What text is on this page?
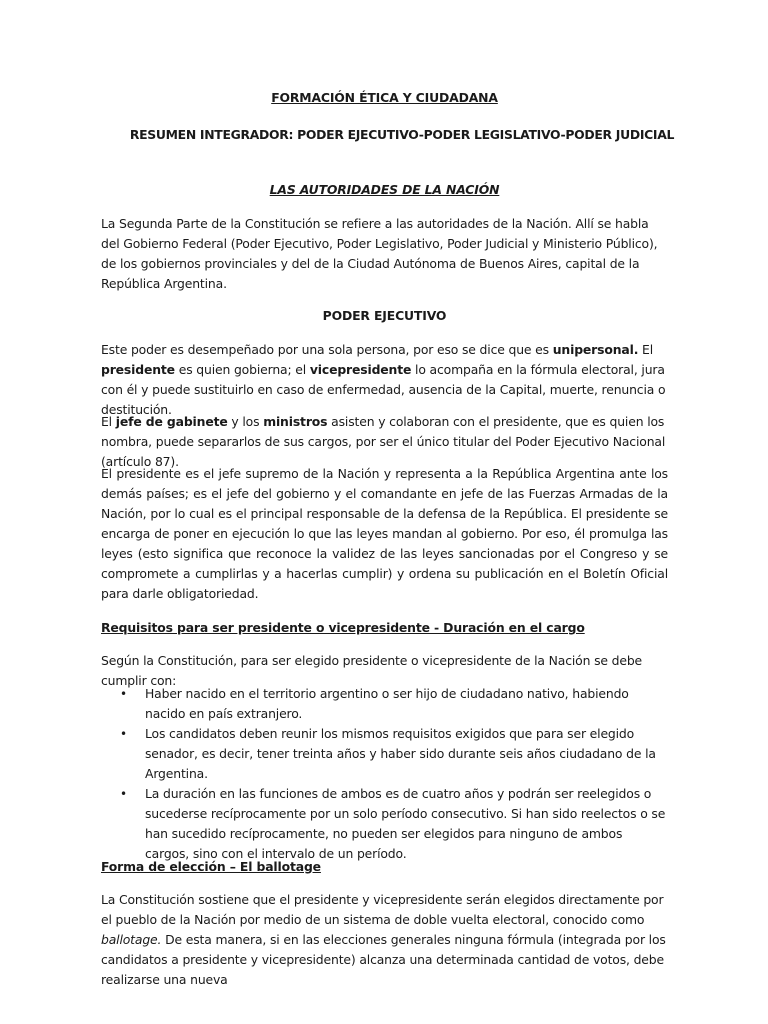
FORMACIÓN ÉTICA Y CIUDADANA

RESUMEN INTEGRADOR: PODER EJECUTIVO-PODER LEGISLATIVO-PODER JUDICIAL

LAS AUTORIDADES DE LA NACIÓN

La Segunda Parte de la Constitución se refiere a las autoridades de la Nación. Allí se habla del Gobierno Federal (Poder Ejecutivo, Poder Legislativo, Poder Judicial y Ministerio Público), de los gobiernos provinciales y del de la Ciudad Autónoma de Buenos Aires, capital de la República Argentina.

PODER EJECUTIVO

Este poder es desempeñado por una sola persona, por eso se dice que es unipersonal. El presidente es quien gobierna; el vicepresidente lo acompaña en la fórmula electoral, jura con él y puede sustituirlo en caso de enfermedad, ausencia de la Capital, muerte, renuncia o destitución.

El jefe de gabinete y los ministros asisten y colaboran con el presidente, que es quien los nombra, puede separarlos de sus cargos, por ser el único titular del Poder Ejecutivo Nacional (artículo 87).

El presidente es el jefe supremo de la Nación y representa a la República Argentina ante los demás países; es el jefe del gobierno y el comandante en jefe de las Fuerzas Armadas de la Nación, por lo cual es el principal responsable de la defensa de la República. El presidente se encarga de poner en ejecución lo que las leyes mandan al gobierno. Por eso, él promulga las leyes (esto significa que reconoce la validez de las leyes sancionadas por el Congreso y se compromete a cumplirlas y a hacerlas cumplir) y ordena su publicación en el Boletín Oficial para darle obligatoriedad.

Requisitos para ser presidente o vicepresidente - Duración en el cargo

Según la Constitución, para ser elegido presidente o vicepresidente de la Nación se debe cumplir con:

• Haber nacido en el territorio argentino o ser hijo de ciudadano nativo, habiendo nacido en país extranjero.
• Los candidatos deben reunir los mismos requisitos exigidos que para ser elegido senador, es decir, tener treinta años y haber sido durante seis años ciudadano de la Argentina.
• La duración en las funciones de ambos es de cuatro años y podrán ser reelegidos o sucederse recíprocamente por un solo período consecutivo. Si han sido reelectos o se han sucedido recíprocamente, no pueden ser elegidos para ninguno de ambos cargos, sino con el intervalo de un período.

Forma de elección – El ballotage

La Constitución sostiene que el presidente y vicepresidente serán elegidos directamente por el pueblo de la Nación por medio de un sistema de doble vuelta electoral, conocido como ballotage. De esta manera, si en las elecciones generales ninguna fórmula (integrada por los candidatos a presidente y vicepresidente) alcanza una determinada cantidad de votos, debe realizarse una nueva
